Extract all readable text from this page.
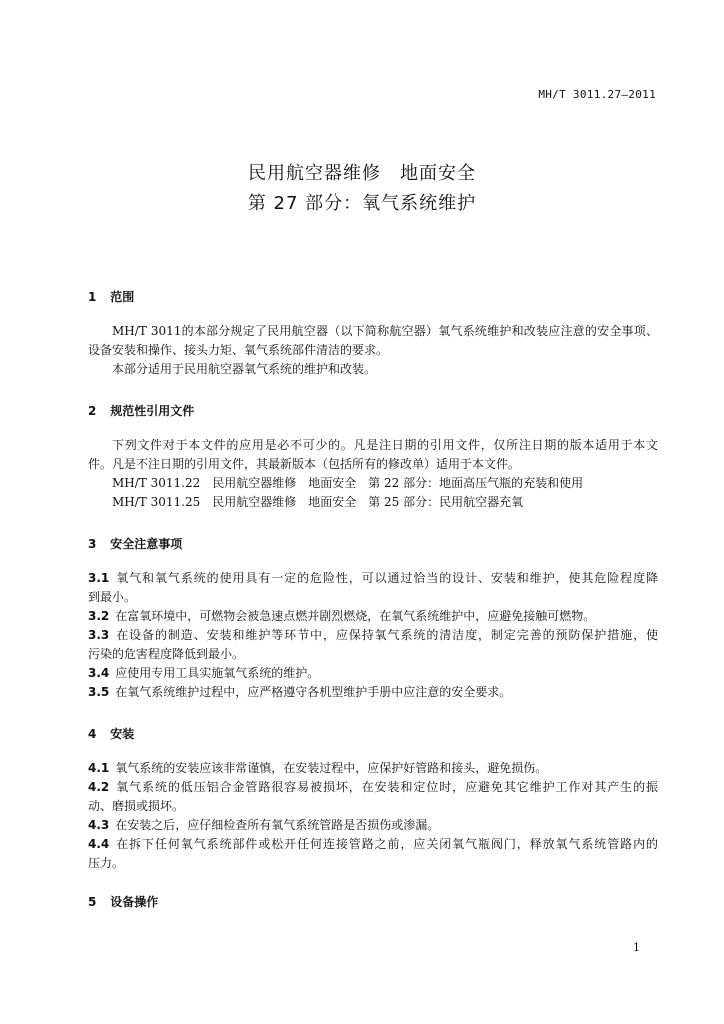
MH/T 3011.27—2011
民用航空器维修　地面安全
第 27 部分：氧气系统维护
1 范围
MH/T 3011的本部分规定了民用航空器（以下简称航空器）氧气系统维护和改装应注意的安全事项、
设备安装和操作、接头力矩、氧气系统部件清洁的要求。
本部分适用于民用航空器氧气系统的维护和改装。
2 规范性引用文件
下列文件对于本文件的应用是必不可少的。凡是注日期的引用文件，仅所注日期的版本适用于本文
件。凡是不注日期的引用文件，其最新版本（包括所有的修改单）适用于本文件。
MH/T 3011.22　民用航空器维修　地面安全　第 22 部分：地面高压气瓶的充装和使用
MH/T 3011.25　民用航空器维修　地面安全　第 25 部分：民用航空器充氧
3 安全注意事项
3.1 氧气和氧气系统的使用具有一定的危险性，可以通过恰当的设计、安装和维护，使其危险程度降
到最小。
3.2 在富氧环境中，可燃物会被急速点燃并剧烈燃烧，在氧气系统维护中，应避免接触可燃物。
3.3 在设备的制造、安装和维护等环节中，应保持氧气系统的清洁度，制定完善的预防保护措施，使
污染的危害程度降低到最小。
3.4 应使用专用工具实施氧气系统的维护。
3.5 在氧气系统维护过程中，应严格遵守各机型维护手册中应注意的安全要求。
4 安装
4.1 氧气系统的安装应该非常谨慎，在安装过程中，应保护好管路和接头，避免损伤。
4.2 氧气系统的低压铝合金管路很容易被损坏，在安装和定位时，应避免其它维护工作对其产生的振
动、磨损或损坏。
4.3 在安装之后，应仔细检查所有氧气系统管路是否损伤或渗漏。
4.4 在拆下任何氧气系统部件或松开任何连接管路之前，应关闭氧气瓶阀门，释放氧气系统管路内的
压力。
5 设备操作
1
